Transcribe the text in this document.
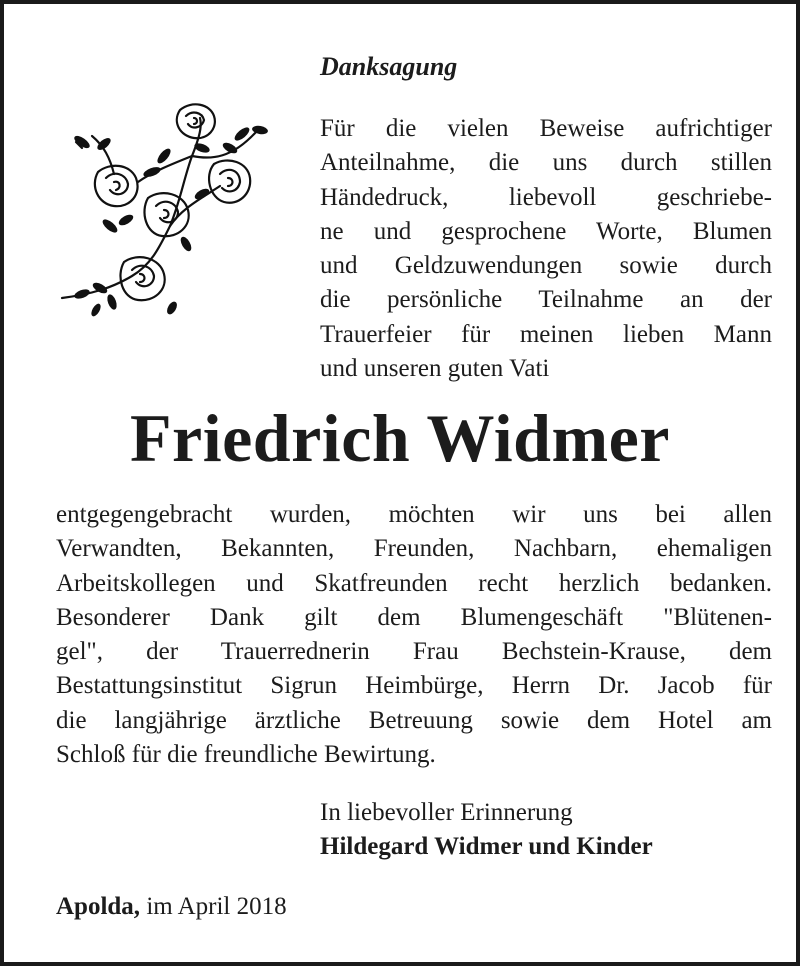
Danksagung
Für die vielen Beweise aufrichtiger
Anteilnahme, die uns durch stillen
Händedruck, liebevoll geschriebe-
ne und gesprochene Worte, Blumen
und Geldzuwendungen sowie durch
die persönliche Teilnahme an der
Trauerfeier für meinen lieben Mann
und unseren guten Vati
Friedrich Widmer
entgegengebracht wurden, möchten wir uns bei allen
Verwandten, Bekannten, Freunden, Nachbarn, ehemaligen
Arbeitskollegen und Skatfreunden recht herzlich bedanken.
Besonderer Dank gilt dem Blumengeschäft "Blütenen-
gel", der Trauerrednerin Frau Bechstein-Krause, dem
Bestattungsinstitut Sigrun Heimbürge, Herrn Dr. Jacob für
die langjährige ärztliche Betreuung sowie dem Hotel am
Schloß für die freundliche Bewirtung.
In liebevoller Erinnerung
Hildegard Widmer und Kinder
Apolda, im April 2018
